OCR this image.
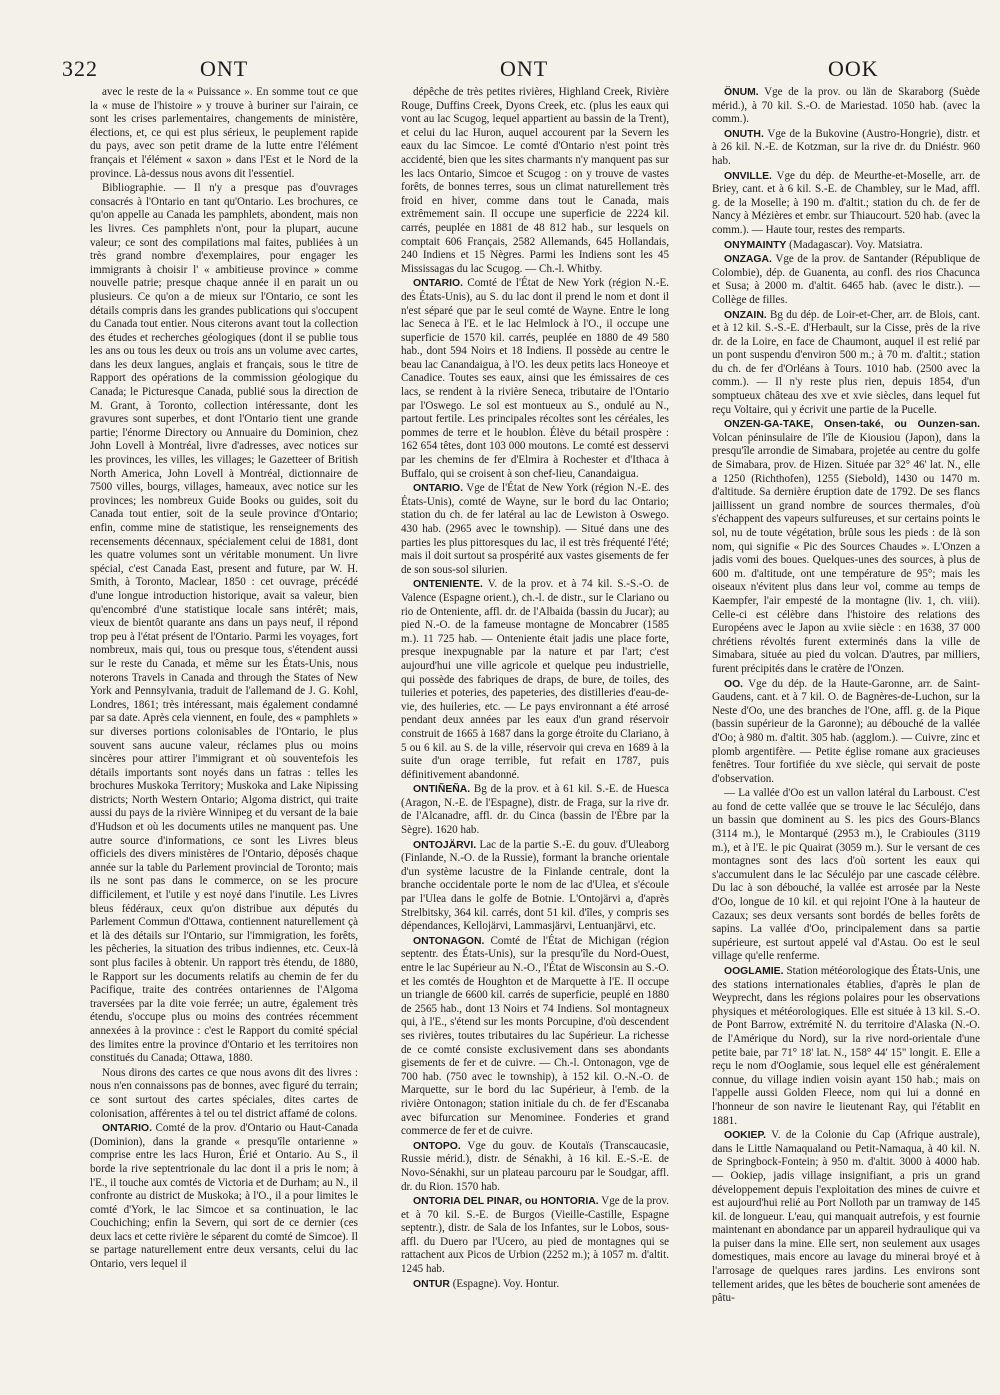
322	ONT	ONT	OOK

avec le reste de la « Puissance ». En somme tout ce que la « muse de l'histoire » y trouve à buriner sur l'airain, ce sont les crises parlementaires, changements de ministère, élections, et, ce qui est plus sérieux, le peuplement rapide du pays, avec son petit drame de la lutte entre l'élément français et l'élément « saxon » dans l'Est et le Nord de la province. Là-dessus nous avons dit l'essentiel.

Bibliographie. — Il n'y a presque pas d'ouvrages consacrés à l'Ontario en tant qu'Ontario. Les brochures, ce qu'on appelle au Canada les pamphlets, abondent, mais non les livres. Ces pamphlets n'ont, pour la plupart, aucune valeur; ce sont des compilations mal faites, publiées à un très grand nombre d'exemplaires, pour engager les immigrants à choisir l' « ambitieuse province » comme nouvelle patrie; presque chaque année il en parait un ou plusieurs. Ce qu'on a de mieux sur l'Ontario, ce sont les détails compris dans les grandes publications qui s'occupent du Canada tout entier. Nous citerons avant tout la collection des études et recherches géologiques (dont il se publie tous les ans ou tous les deux ou trois ans un volume avec cartes, dans les deux langues, anglais et français, sous le titre de Rapport des opérations de la commission géologique du Canada; le Picturesque Canada, publié sous la direction de M. Grant, à Toronto, collection intéressante, dont les gravures sont superbes, et dont l'Ontario tient une grande partie; l'énorme Directory ou Annuaire du Dominion, chez John Lovell à Montréal, livre d'adresses, avec notices sur les provinces, les villes, les villages; le Gazetteer of British North America, John Lovell à Montréal, dictionnaire de 7500 villes, bourgs, villages, hameaux, avec notice sur les provinces; les nombreux Guide Books ou guides, soit du Canada tout entier, soit de la seule province d'Ontario; enfin, comme mine de statistique, les renseignements des recensements décennaux, spécialement celui de 1881, dont les quatre volumes sont un véritable monument. Un livre spécial, c'est Canada East, present and future, par W. H. Smith, à Toronto, Maclear, 1850 : cet ouvrage, précédé d'une longue introduction historique, avait sa valeur, bien qu'encombré d'une statistique locale sans intérêt; mais, vieux de bientôt quarante ans dans un pays neuf, il répond trop peu à l'état présent de l'Ontario. Parmi les voyages, fort nombreux, mais qui, tous ou presque tous, s'étendent aussi sur le reste du Canada, et même sur les États-Unis, nous noterons Travels in Canada and through the States of New York and Pennsylvania, traduit de l'allemand de J. G. Kohl, Londres, 1861; très intéressant, mais également condamné par sa date. Après cela viennent, en foule, des « pamphlets » sur diverses portions colonisables de l'Ontario, le plus souvent sans aucune valeur, réclames plus ou moins sincères pour attirer l'immigrant et où souventefois les détails importants sont noyés dans un fatras : telles les brochures Muskoka Territory; Muskoka and Lake Nipissing districts; North Western Ontario; Algoma district, qui traite aussi du pays de la rivière Winnipeg et du versant de la baie d'Hudson et où les documents utiles ne manquent pas. Une autre source d'informations, ce sont les Livres bleus officiels des divers ministères de l'Ontario, déposés chaque année sur la table du Parlement provincial de Toronto; mais ils ne sont pas dans le commerce, on se les procure difficilement, et l'utile y est noyé dans l'inutile. Les Livres bleus fédéraux, ceux qu'on distribue aux députés du Parlement Commun d'Ottawa, contiennent naturellement çà et là des détails sur l'Ontario, sur l'immigration, les forêts, les pêcheries, la situation des tribus indiennes, etc. Ceux-là sont plus faciles à obtenir. Un rapport très étendu, de 1880, le Rapport sur les documents relatifs au chemin de fer du Pacifique, traite des contrées ontariennes de l'Algoma traversées par la dite voie ferrée; un autre, également très étendu, s'occupe plus ou moins des contrées récemment annexées à la province : c'est le Rapport du comité spécial des limites entre la province d'Ontario et les territoires non constitués du Canada; Ottawa, 1880.

Nous dirons des cartes ce que nous avons dit des livres : nous n'en connaissons pas de bonnes, avec figuré du terrain; ce sont surtout des cartes spéciales, dites cartes de colonisation, afférentes à tel ou tel district affamé de colons.

ONTARIO. Comté de la prov. d'Ontario ou Haut-Canada (Dominion), dans la grande « presqu'île ontarienne » comprise entre les lacs Huron, Érié et Ontario. Au S., il borde la rive septentrionale du lac dont il a pris le nom; à l'E., il touche aux comtés de Victoria et de Durham; au N., il confronte au district de Muskoka; à l'O., il a pour limites le comté d'York, le lac Simcoe et sa continuation, le lac Couchiching; enfin la Severn, qui sort de ce dernier (ces deux lacs et cette rivière le séparent du comté de Simcoe). Il se partage naturellement entre deux versants, celui du lac Ontario, vers lequel il

dépêche de très petites rivières, Highland Creek, Rivière Rouge, Duffins Creek, Dyons Creek, etc. (plus les eaux qui vont au lac Scugog, lequel appartient au bassin de la Trent), et celui du lac Huron, auquel accourent par la Severn les eaux du lac Simcoe. Le comté d'Ontario n'est point très accidenté, bien que les sites charmants n'y manquent pas sur les lacs Ontario, Simcoe et Scugog : on y trouve de vastes forêts, de bonnes terres, sous un climat naturellement très froid en hiver, comme dans tout le Canada, mais extrêmement sain. Il occupe une superficie de 2224 kil. carrés, peuplée en 1881 de 48 812 hab., sur lesquels on comptait 606 Français, 2582 Allemands, 645 Hollandais, 240 Indiens et 15 Nègres. Parmi les Indiens sont les 45 Mississagas du lac Scugog. — Ch.-l. Whitby.

ONTARIO. Comté de l'État de New York (région N.-E. des États-Unis), au S. du lac dont il prend le nom et dont il n'est séparé que par le seul comté de Wayne. Entre le long lac Seneca à l'E. et le lac Helmlock à l'O., il occupe une superficie de 1570 kil. carrés, peuplée en 1880 de 49 580 hab., dont 594 Noirs et 18 Indiens. Il possède au centre le beau lac Canandaigua, à l'O. les deux petits lacs Honeoye et Canadice. Toutes ses eaux, ainsi que les émissaires de ces lacs, se rendent à la rivière Seneca, tributaire de l'Ontario par l'Oswego. Le sol est montueux au S., ondulé au N., partout fertile. Les principales récoltes sont les céréales, les pommes de terre et le houblon. Élève du bétail prospère : 162 654 têtes, dont 103 000 moutons. Le comté est desservi par les chemins de fer d'Elmira à Rochester et d'Ithaca à Buffalo, qui se croisent à son chef-lieu, Canandaigua.

ONTARIO. Vge de l'État de New York (région N.-E. des États-Unis), comté de Wayne, sur le bord du lac Ontario; station du ch. de fer latéral au lac de Lewiston à Oswego. 430 hab. (2965 avec le township). — Situé dans une des parties les plus pittoresques du lac, il est très fréquenté l'été; mais il doit surtout sa prospérité aux vastes gisements de fer de son sous-sol silurien.

ONTENIENTE. V. de la prov. et à 74 kil. S.-S.-O. de Valence (Espagne orient.), ch.-l. de distr., sur le Clariano ou rio de Onteniente, affl. dr. de l'Albaida (bassin du Jucar); au pied N.-O. de la fameuse montagne de Moncabrer (1585 m.). 11 725 hab. — Onteniente était jadis une place forte, presque inexpugnable par la nature et par l'art; c'est aujourd'hui une ville agricole et quelque peu industrielle, qui possède des fabriques de draps, de bure, de toiles, des tuileries et poteries, des papeteries, des distilleries d'eau-de-vie, des huileries, etc. — Le pays environnant a été arrosé pendant deux années par les eaux d'un grand réservoir construit de 1665 à 1687 dans la gorge étroite du Clariano, à 5 ou 6 kil. au S. de la ville, réservoir qui creva en 1689 à la suite d'un orage terrible, fut refait en 1787, puis définitivement abandonné.

ONTIÑEÑA. Bg de la prov. et à 61 kil. S.-E. de Huesca (Aragon, N.-E. de l'Espagne), distr. de Fraga, sur la rive dr. de l'Alcanadre, affl. dr. du Cinca (bassin de l'Èbre par la Sègre). 1620 hab.

ONTOJÄRVI. Lac de la partie S.-E. du gouv. d'Uleaborg (Finlande, N.-O. de la Russie), formant la branche orientale d'un système lacustre de la Finlande centrale, dont la branche occidentale porte le nom de lac d'Ulea, et s'écoule par l'Ulea dans le golfe de Botnie. L'Ontojärvi a, d'après Strelbitsky, 364 kil. carrés, dont 51 kil. d'îles, y compris ses dépendances, Kellojärvi, Lammasjärvi, Lentuanjärvi, etc.

ONTONAGON. Comté de l'État de Michigan (région septentr. des États-Unis), sur la presqu'île du Nord-Ouest, entre le lac Supérieur au N.-O., l'État de Wisconsin au S.-O. et les comtés de Houghton et de Marquette à l'E. Il occupe un triangle de 6600 kil. carrés de superficie, peuplé en 1880 de 2565 hab., dont 13 Noirs et 74 Indiens. Sol montagneux qui, à l'E., s'étend sur les monts Porcupine, d'où descendent ses rivières, toutes tributaires du lac Supérieur. La richesse de ce comté consiste exclusivement dans ses abondants gisements de fer et de cuivre. — Ch.-l. Ontonagon, vge de 700 hab. (750 avec le township), à 152 kil. O.-N.-O. de Marquette, sur le bord du lac Supérieur, à l'emb. de la rivière Ontonagon; station initiale du ch. de fer d'Escanaba avec bifurcation sur Menominee. Fonderies et grand commerce de fer et de cuivre.

ONTOPO. Vge du gouv. de Koutaïs (Transcaucasie, Russie mérid.), distr. de Sénakhi, à 16 kil. E.-S.-E. de Novo-Sénakhi, sur un plateau parcouru par le Soudgar, affl. dr. du Rion. 1570 hab.

ONTORIA DEL PINAR, ou HONTORIA. Vge de la prov. et à 70 kil. S.-E. de Burgos (Vieille-Castille, Espagne septentr.), distr. de Sala de los Infantes, sur le Lobos, sous-affl. du Duero par l'Ucero, au pied de montagnes qui se rattachent aux Picos de Urbion (2252 m.); à 1057 m. d'altit. 1245 hab.

ONTUR (Espagne). Voy. Hontur.

ÖNUM. Vge de la prov. ou län de Skaraborg (Suède mérid.), à 70 kil. S.-O. de Mariestad. 1050 hab. (avec la comm.).

ONUTH. Vge de la Bukovine (Austro-Hongrie), distr. et à 26 kil. N.-E. de Kotzman, sur la rive dr. du Dniéstr. 960 hab.

ONVILLE. Vge du dép. de Meurthe-et-Moselle, arr. de Briey, cant. et à 6 kil. S.-E. de Chambley, sur le Mad, affl. g. de la Moselle; à 190 m. d'altit.; station du ch. de fer de Nancy à Mézières et embr. sur Thiaucourt. 520 hab. (avec la comm.). — Haute tour, restes des remparts.

ONYMAINTY (Madagascar). Voy. Matsiatra.

ONZAGA. Vge de la prov. de Santander (République de Colombie), dép. de Guanenta, au confl. des rios Chacunca et Susa; à 2000 m. d'altit. 6465 hab. (avec le distr.). — Collège de filles.

ONZAIN. Bg du dép. de Loir-et-Cher, arr. de Blois, cant. et à 12 kil. S.-S.-E. d'Herbault, sur la Cisse, près de la rive dr. de la Loire, en face de Chaumont, auquel il est relié par un pont suspendu d'environ 500 m.; à 70 m. d'altit.; station du ch. de fer d'Orléans à Tours. 1010 hab. (2500 avec la comm.). — Il n'y reste plus rien, depuis 1854, d'un somptueux château des xve et xvie siècles, dans lequel fut reçu Voltaire, qui y écrivit une partie de la Pucelle.

ONZEN-GA-TAKE, Onsen-také, ou Ounzen-san. Volcan péninsulaire de l'île de Kiousiou (Japon), dans la presqu'île arrondie de Simabara, projetée au centre du golfe de Simabara, prov. de Hizen. Située par 32° 46' lat. N., elle a 1250 (Richthofen), 1255 (Siebold), 1430 ou 1470 m. d'altitude. Sa dernière éruption date de 1792. De ses flancs jaillissent un grand nombre de sources thermales, d'où s'échappent des vapeurs sulfureuses, et sur certains points le sol, nu de toute végétation, brûle sous les pieds : de là son nom, qui signifie « Pic des Sources Chaudes ». L'Onzen a jadis vomi des boues. Quelques-unes des sources, à plus de 600 m. d'altitude, ont une température de 95°; mais les oiseaux n'évitent plus dans leur vol, comme au temps de Kaempfer, l'air empesté de la montagne (liv. 1, ch. viii). Celle-ci est célèbre dans l'histoire des relations des Européens avec le Japon au xviie siècle : en 1638, 37 000 chrétiens révoltés furent exterminés dans la ville de Simabara, située au pied du volcan. D'autres, par milliers, furent précipités dans le cratère de l'Onzen.

OO. Vge du dép. de la Haute-Garonne, arr. de Saint-Gaudens, cant. et à 7 kil. O. de Bagnères-de-Luchon, sur la Neste d'Oo, une des branches de l'One, affl. g. de la Pique (bassin supérieur de la Garonne); au débouché de la vallée d'Oo; à 980 m. d'altit. 305 hab. (agglom.). — Cuivre, zinc et plomb argentifère. — Petite église romane aux gracieuses fenêtres. Tour fortifiée du xve siècle, qui servait de poste d'observation.

— La vallée d'Oo est un vallon latéral du Larboust. C'est au fond de cette vallée que se trouve le lac Séculéjo, dans un bassin que dominent au S. les pics des Gours-Blancs (3114 m.), le Montarqué (2953 m.), le Crabioules (3119 m.), et à l'E. le pic Quairat (3059 m.). Sur le versant de ces montagnes sont des lacs d'où sortent les eaux qui s'accumulent dans le lac Séculéjo par une cascade célèbre. Du lac à son débouché, la vallée est arrosée par la Neste d'Oo, longue de 10 kil. et qui rejoint l'One à la hauteur de Cazaux; ses deux versants sont bordés de belles forêts de sapins. La vallée d'Oo, principalement dans sa partie supérieure, est surtout appelé val d'Astau. Oo est le seul village qu'elle renferme.

OOGLAMIE. Station météorologique des États-Unis, une des stations internationales établies, d'après le plan de Weyprecht, dans les régions polaires pour les observations physiques et météorologiques. Elle est située à 13 kil. S.-O. de Pont Barrow, extrémité N. du territoire d'Alaska (N.-O. de l'Amérique du Nord), sur la rive nord-orientale d'une petite baie, par 71° 18' lat. N., 158° 44' 15" longit. E. Elle a reçu le nom d'Ooglamie, sous lequel elle est généralement connue, du village indien voisin ayant 150 hab.; mais on l'appelle aussi Golden Fleece, nom qui lui a donné en l'honneur de son navire le lieutenant Ray, qui l'établit en 1881.

OOKIEP. V. de la Colonie du Cap (Afrique australe), dans le Little Namaqualand ou Petit-Namaqua, à 40 kil. N. de Springbock-Fontein; à 950 m. d'altit. 3000 à 4000 hab. — Ookiep, jadis village insignifiant, a pris un grand développement depuis l'exploitation des mines de cuivre et est aujourd'hui relié au Port Nolloth par un tramway de 145 kil. de longueur. L'eau, qui manquait autrefois, y est fournie maintenant en abondance par un appareil hydraulique qui va la puiser dans la mine. Elle sert, non seulement aux usages domestiques, mais encore au lavage du minerai broyé et à l'arrosage de quelques rares jardins. Les environs sont tellement arides, que les bêtes de boucherie sont amenées de pâtu-
